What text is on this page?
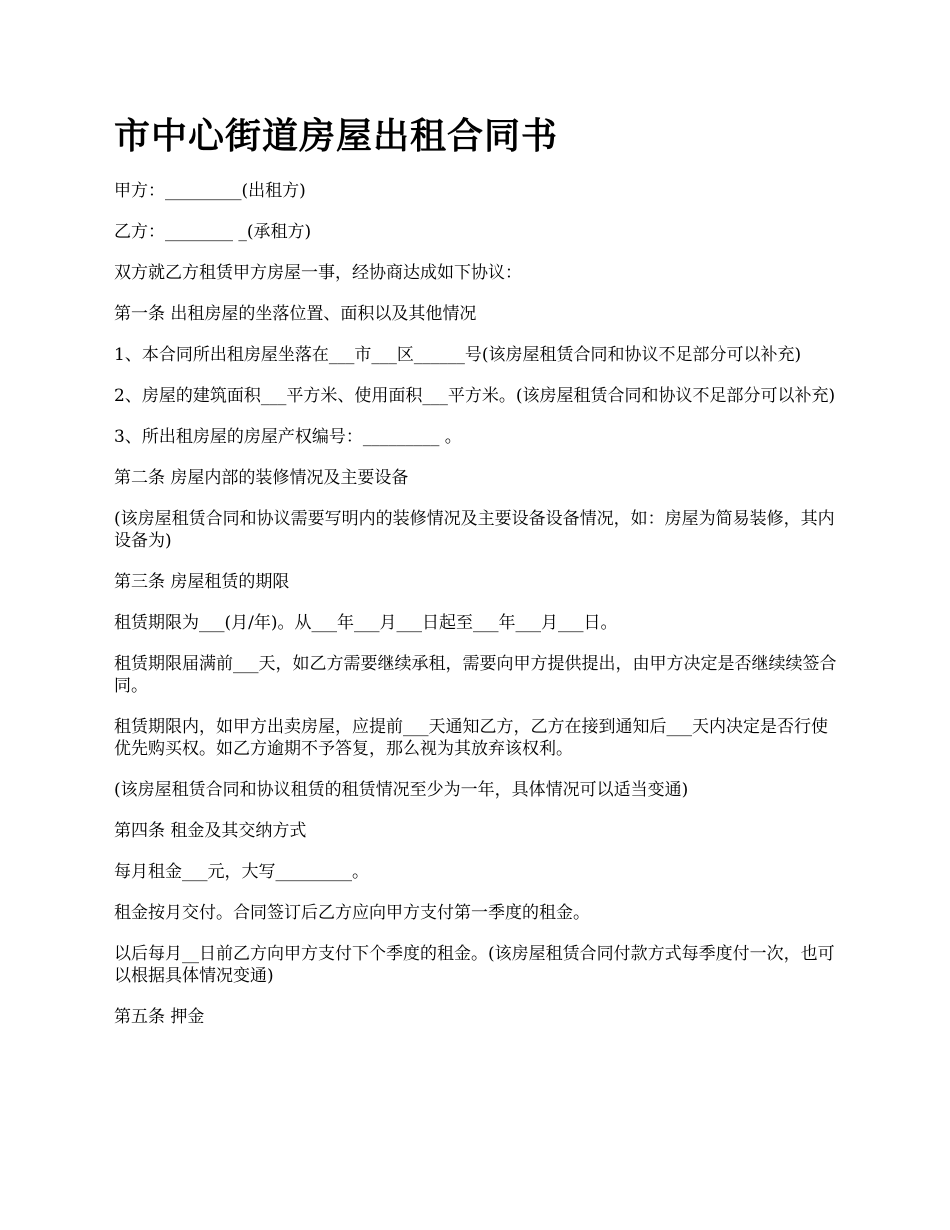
市中心街道房屋出租合同书

甲方：_________(出租方)

乙方：________ _(承租方)

双方就乙方租赁甲方房屋一事，经协商达成如下协议：

第一条 出租房屋的坐落位置、面积以及其他情况

1、本合同所出租房屋坐落在___市___区______号(该房屋租赁合同和协议不足部分可以补充)

2、房屋的建筑面积___平方米、使用面积___平方米。(该房屋租赁合同和协议不足部分可以补充)

3、所出租房屋的房屋产权编号：_________ 。

第二条 房屋内部的装修情况及主要设备

(该房屋租赁合同和协议需要写明内的装修情况及主要设备设备情况，如：房屋为简易装修，其内设备为)

第三条 房屋租赁的期限

租赁期限为___(月/年)。从___年___月___日起至___年___月___日。

租赁期限届满前___天，如乙方需要继续承租，需要向甲方提供提出，由甲方决定是否继续续签合同。

租赁期限内，如甲方出卖房屋，应提前___天通知乙方，乙方在接到通知后___天内决定是否行使优先购买权。如乙方逾期不予答复，那么视为其放弃该权利。

(该房屋租赁合同和协议租赁的租赁情况至少为一年，具体情况可以适当变通)

第四条 租金及其交纳方式

每月租金___元，大写_________。

租金按月交付。合同签订后乙方应向甲方支付第一季度的租金。

以后每月__日前乙方向甲方支付下个季度的租金。(该房屋租赁合同付款方式每季度付一次，也可以根据具体情况变通)

第五条 押金
